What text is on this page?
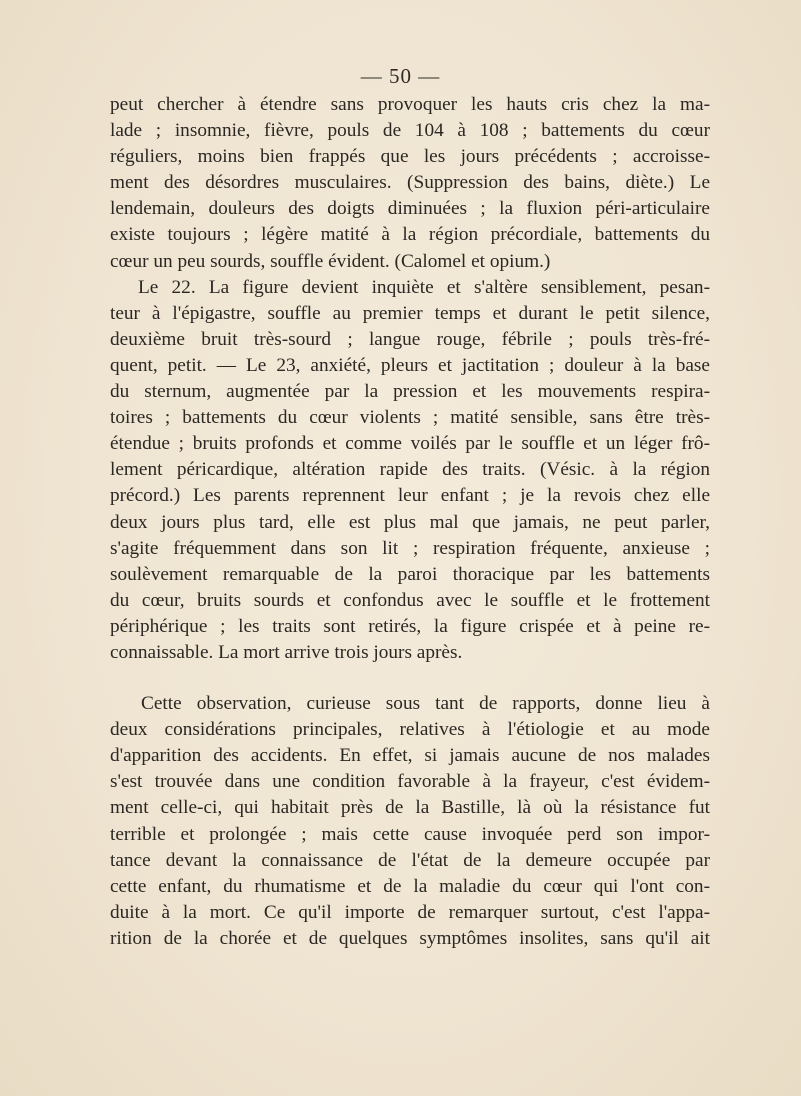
— 50 —
peut chercher à étendre sans provoquer les hauts cris chez la ma-
lade ; insomnie, fièvre, pouls de 104 à 108 ; battements du cœur
réguliers, moins bien frappés que les jours précédents ; accroisse-
ment des désordres musculaires. (Suppression des bains, diète.) Le
lendemain, douleurs des doigts diminuées ; la fluxion péri-articulaire
existe toujours ; légère matité à la région précordiale, battements du
cœur un peu sourds, souffle évident. (Calomel et opium.)
Le 22. La figure devient inquiète et s'altère sensiblement, pesan-
teur à l'épigastre, souffle au premier temps et durant le petit silence,
deuxième bruit très-sourd ; langue rouge, fébrile ; pouls très-fré-
quent, petit. — Le 23, anxiété, pleurs et jactitation ; douleur à la base
du sternum, augmentée par la pression et les mouvements respira-
toires ; battements du cœur violents ; matité sensible, sans être très-
étendue ; bruits profonds et comme voilés par le souffle et un léger frô-
lement péricardique, altération rapide des traits. (Vésic. à la région
précord.) Les parents reprennent leur enfant ; je la revois chez elle
deux jours plus tard, elle est plus mal que jamais, ne peut parler,
s'agite fréquemment dans son lit ; respiration fréquente, anxieuse ;
soulèvement remarquable de la paroi thoracique par les battements
du cœur, bruits sourds et confondus avec le souffle et le frottement
périphérique ; les traits sont retirés, la figure crispée et à peine re-
connaissable. La mort arrive trois jours après.
Cette observation, curieuse sous tant de rapports, donne lieu à
deux considérations principales, relatives à l'étiologie et au mode
d'apparition des accidents. En effet, si jamais aucune de nos malades
s'est trouvée dans une condition favorable à la frayeur, c'est évidem-
ment celle-ci, qui habitait près de la Bastille, là où la résistance fut
terrible et prolongée ; mais cette cause invoquée perd son impor-
tance devant la connaissance de l'état de la demeure occupée par
cette enfant, du rhumatisme et de la maladie du cœur qui l'ont con-
duite à la mort. Ce qu'il importe de remarquer surtout, c'est l'appa-
rition de la chorée et de quelques symptômes insolites, sans qu'il ait
